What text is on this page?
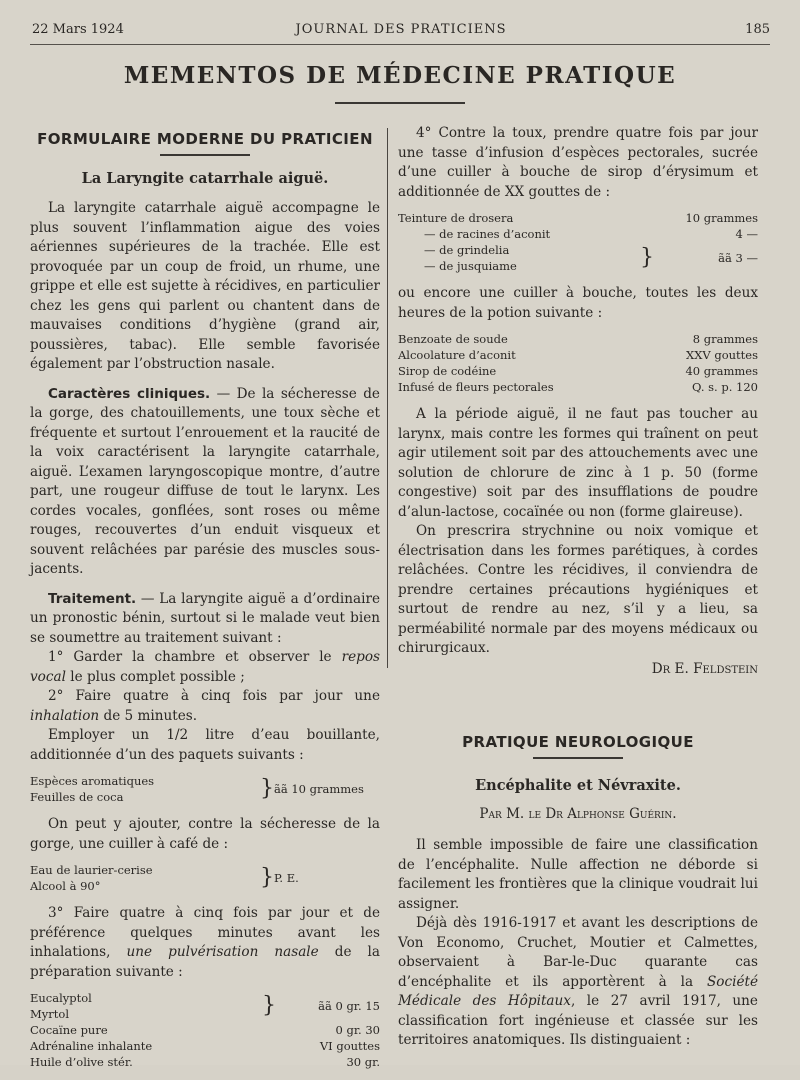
22 Mars 1924	JOURNAL DES PRATICIENS	185
MEMENTOS DE MÉDECINE PRATIQUE
FORMULAIRE MODERNE DU PRATICIEN
La Laryngite catarrhale aiguë.

La laryngite catarrhale aiguë accompagne le plus souvent l’inflammation aigue des voies aériennes supérieures de la trachée. Elle est provoquée par un coup de froid, un rhume, une grippe et elle est sujette à récidives, en particulier chez les gens qui parlent ou chantent dans de mauvaises conditions d’hygiène (grand air, poussières, tabac). Elle semble favorisée également par l’obstruction nasale.

Caractères cliniques. — De la sécheresse de la gorge, des chatouillements, une toux sèche et fréquente et surtout l’enrouement et la raucité de la voix caractérisent la laryngite catarrhale, aiguë. L’examen laryngoscopique montre, d’autre part, une rougeur diffuse de tout le larynx. Les cordes vocales, gonflées, sont roses ou même rouges, recouvertes d’un enduit visqueux et souvent relâchées par parésie des muscles sous-jacents.

Traitement. — La laryngite aiguë a d’ordinaire un pronostic bénin, surtout si le malade veut bien se soumettre au traitement suivant :

1° Garder la chambre et observer le repos vocal le plus complet possible ;

2° Faire quatre à cinq fois par jour une inhalation de 5 minutes.

Employer un 1/2 litre d’eau bouillante, additionnée d’un des paquets suivants :

Espèces aromatiques
Feuilles de coca	} ãã 10 grammes

On peut y ajouter, contre la sécheresse de la gorge, une cuiller à café de :

Eau de laurier-cerise
Alcool à 90°	} P. E.

3° Faire quatre à cinq fois par jour et de préférence quelques minutes avant les inhalations, une pulvérisation nasale de la préparation suivante :

Eucalyptol
Myrtol	}	ãã 0 gr. 15
Cocaïne pure	0 gr. 30
Adrénaline inhalante	VI gouttes
Huile d’olive stér.	30 gr.

4° Contre la toux, prendre quatre fois par jour une tasse d’infusion d’espèces pectorales, sucrée d’une cuiller à bouche de sirop d’érysimum et additionnée de XX gouttes de :

Teinture de drosera	10 grammes
— de racines d’aconit	4 —
— de grindelia
— de jusquiame	}	ãã 3 —

ou encore une cuiller à bouche, toutes les deux heures de la potion suivante :

Benzoate de soude	8 grammes
Alcoolature d’aconit	XXV gouttes
Sirop de codéine	40 grammes
Infusé de fleurs pectorales	Q. s. p. 120

A la période aiguë, il ne faut pas toucher au larynx, mais contre les formes qui traînent on peut agir utilement soit par des attouchements avec une solution de chlorure de zinc à 1 p. 50 (forme congestive) soit par des insufflations de poudre d’alun-lactose, cocaïnée ou non (forme glaireuse).

On prescrira strychnine ou noix vomique et électrisation dans les formes parétiques, à cordes relâchées. Contre les récidives, il conviendra de prendre certaines précautions hygiéniques et surtout de rendre au nez, s’il y a lieu, sa perméabilité normale par des moyens médicaux ou chirurgicaux.

Dr E. Feldstein

PRATIQUE NEUROLOGIQUE
Encéphalite et Névraxite.
Par M. le Dr Alphonse Guérin.

Il semble impossible de faire une classification de l’encéphalite. Nulle affection ne déborde si facilement les frontières que la clinique voudrait lui assigner.

Déjà dès 1916-1917 et avant les descriptions de Von Economo, Cruchet, Moutier et Calmettes, observaient à Bar-le-Duc quarante cas d’encéphalite et ils apportèrent à la Société Médicale des Hôpitaux, le 27 avril 1917, une classification fort ingénieuse et classée sur les territoires anatomiques. Ils distinguaient :
